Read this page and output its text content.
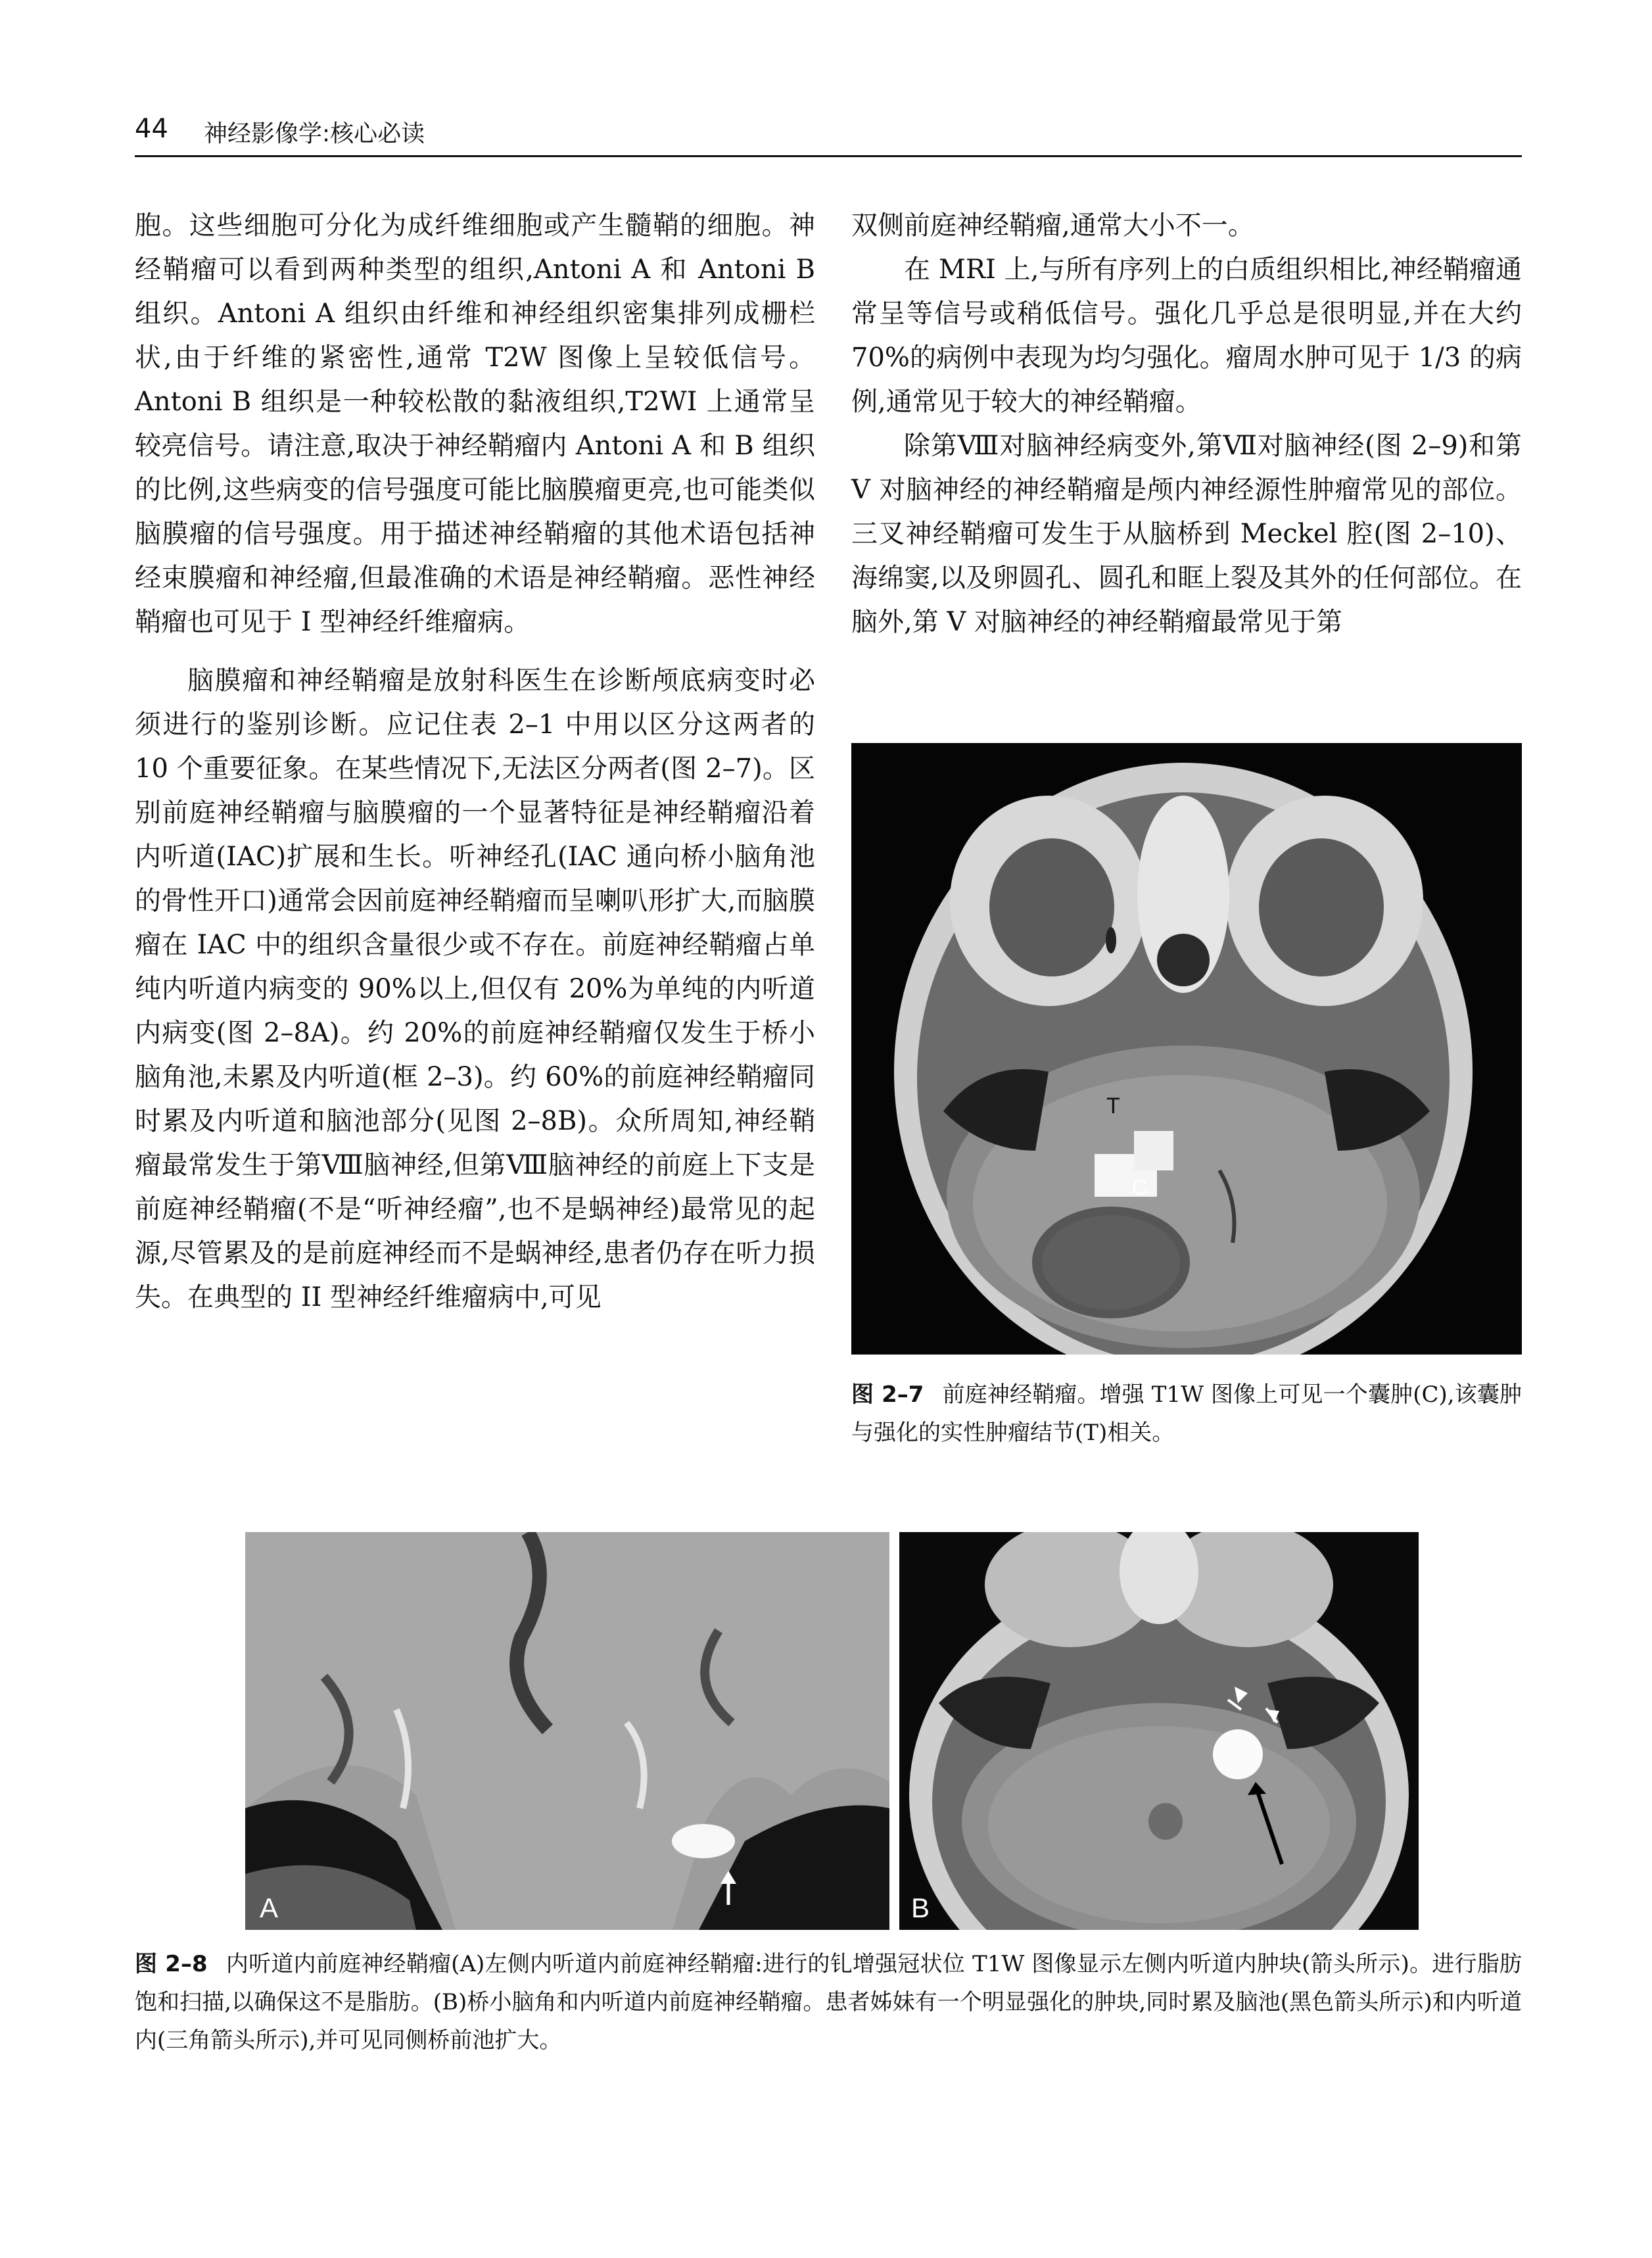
44 神经影像学:核心必读

胞。这些细胞可分化为成纤维细胞或产生髓鞘的细胞。神经鞘瘤可以看到两种类型的组织,Antoni A 和 Antoni B 组织。Antoni A 组织由纤维和神经组织密集排列成栅栏状,由于纤维的紧密性,通常 T2W 图像上呈较低信号。Antoni B 组织是一种较松散的黏液组织,T2WI 上通常呈较亮信号。请注意,取决于神经鞘瘤内 Antoni A 和 B 组织的比例,这些病变的信号强度可能比脑膜瘤更亮,也可能类似脑膜瘤的信号强度。用于描述神经鞘瘤的其他术语包括神经束膜瘤和神经瘤,但最准确的术语是神经鞘瘤。恶性神经鞘瘤也可见于 I 型神经纤维瘤病。

脑膜瘤和神经鞘瘤是放射科医生在诊断颅底病变时必须进行的鉴别诊断。应记住表 2–1 中用以区分这两者的 10 个重要征象。在某些情况下,无法区分两者(图 2–7)。区别前庭神经鞘瘤与脑膜瘤的一个显著特征是神经鞘瘤沿着内听道(IAC)扩展和生长。听神经孔(IAC 通向桥小脑角池的骨性开口)通常会因前庭神经鞘瘤而呈喇叭形扩大,而脑膜瘤在 IAC 中的组织含量很少或不存在。前庭神经鞘瘤占单纯内听道内病变的 90%以上,但仅有 20%为单纯的内听道内病变(图 2–8A)。约 20%的前庭神经鞘瘤仅发生于桥小脑角池,未累及内听道(框 2–3)。约 60%的前庭神经鞘瘤同时累及内听道和脑池部分(见图 2–8B)。众所周知,神经鞘瘤最常发生于第Ⅷ脑神经,但第Ⅷ脑神经的前庭上下支是前庭神经鞘瘤(不是“听神经瘤”,也不是蜗神经)最常见的起源,尽管累及的是前庭神经而不是蜗神经,患者仍存在听力损失。在典型的 II 型神经纤维瘤病中,可见

双侧前庭神经鞘瘤,通常大小不一。

在 MRI 上,与所有序列上的白质组织相比,神经鞘瘤通常呈等信号或稍低信号。强化几乎总是很明显,并在大约 70%的病例中表现为均匀强化。瘤周水肿可见于 1/3 的病例,通常见于较大的神经鞘瘤。

除第Ⅷ对脑神经病变外,第Ⅶ对脑神经(图 2–9)和第 V 对脑神经的神经鞘瘤是颅内神经源性肿瘤常见的部位。三叉神经鞘瘤可发生于从脑桥到 Meckel 腔(图 2–10)、海绵窦,以及卵圆孔、圆孔和眶上裂及其外的任何部位。在脑外,第 V 对脑神经的神经鞘瘤最常见于第

T
C
图 2–7 前庭神经鞘瘤。增强 T1W 图像上可见一个囊肿(C),该囊肿与强化的实性肿瘤结节(T)相关。
A	B
图 2–8 内听道内前庭神经鞘瘤(A)左侧内听道内前庭神经鞘瘤:进行的钆增强冠状位 T1W 图像显示左侧内听道内肿块(箭头所示)。进行脂肪饱和扫描,以确保这不是脂肪。(B)桥小脑角和内听道内前庭神经鞘瘤。患者姊妹有一个明显强化的肿块,同时累及脑池(黑色箭头所示)和内听道内(三角箭头所示),并可见同侧桥前池扩大。
